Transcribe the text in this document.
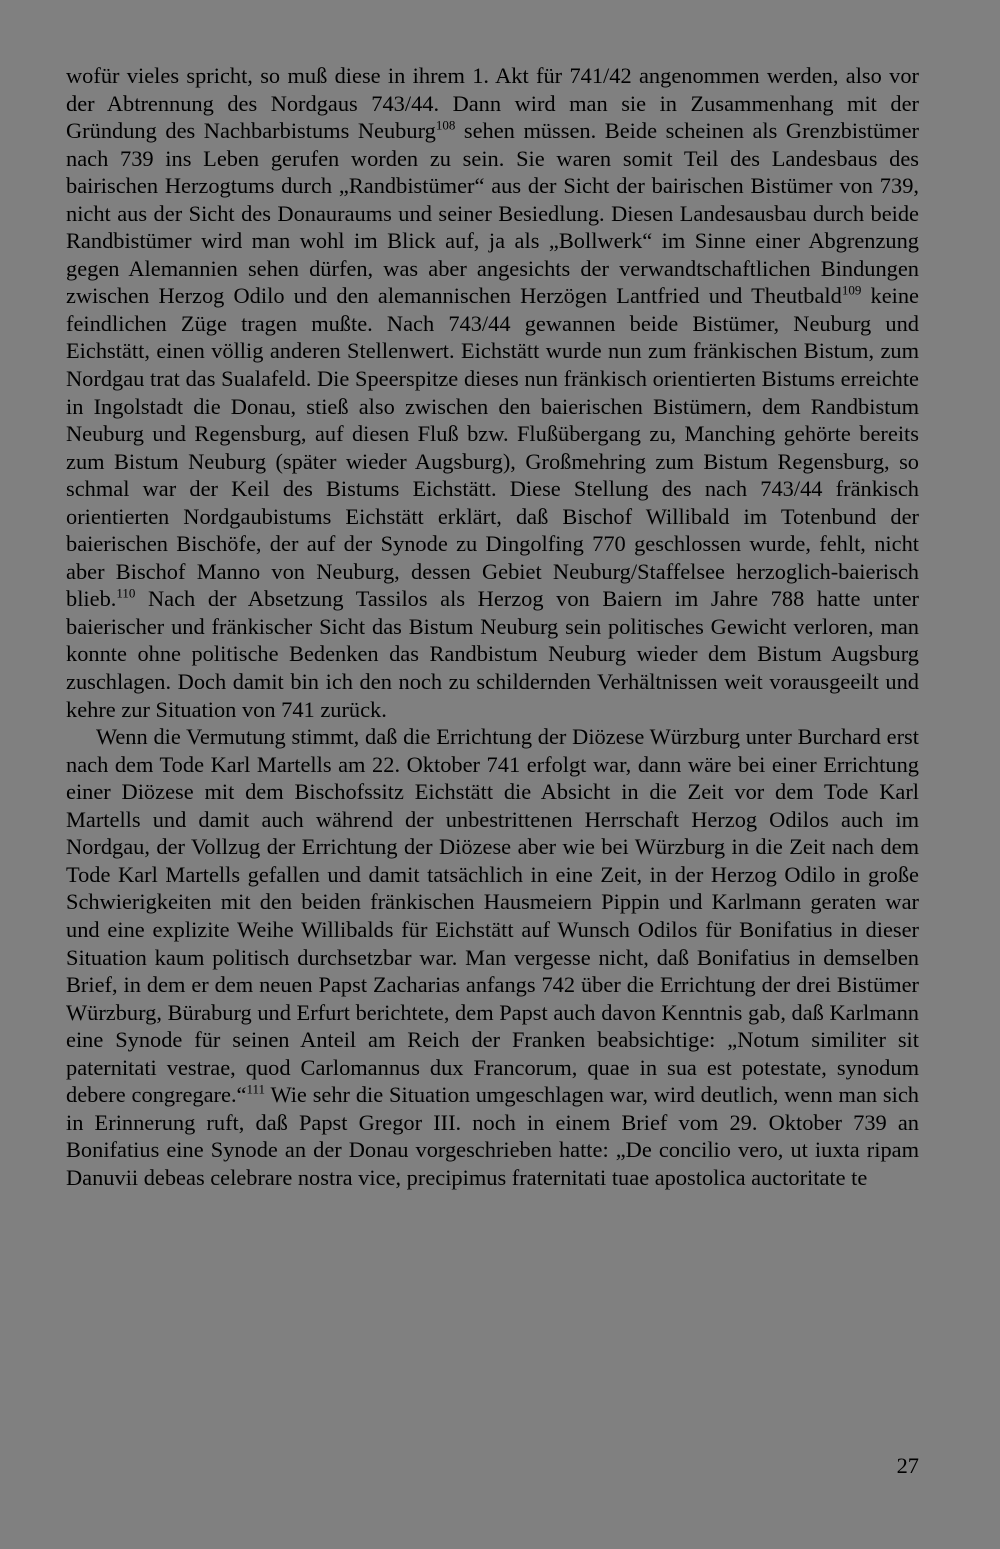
wofür vieles spricht, so muß diese in ihrem 1. Akt für 741/42 angenommen werden, also vor der Abtrennung des Nordgaus 743/44. Dann wird man sie in Zusammenhang mit der Gründung des Nachbarbistums Neuburg$^{108}$ sehen müssen. Beide scheinen als Grenzbistümer nach 739 ins Leben gerufen worden zu sein. Sie waren somit Teil des Landesbaus des bairischen Herzogtums durch „Randbistümer“ aus der Sicht der bairischen Bistümer von 739, nicht aus der Sicht des Donauraums und seiner Besiedlung. Diesen Landesausbau durch beide Randbistümer wird man wohl im Blick auf, ja als „Bollwerk“ im Sinne einer Abgrenzung gegen Alemannien sehen dürfen, was aber angesichts der verwandtschaftlichen Bindungen zwischen Herzog Odilo und den alemannischen Herzögen Lantfried und Theutbald$^{109}$ keine feindlichen Züge tragen mußte. Nach 743/44 gewannen beide Bistümer, Neuburg und Eichstätt, einen völlig anderen Stellenwert. Eichstätt wurde nun zum fränkischen Bistum, zum Nordgau trat das Sualafeld. Die Speerspitze dieses nun fränkisch orientierten Bistums erreichte in Ingolstadt die Donau, stieß also zwischen den baierischen Bistümern, dem Randbistum Neuburg und Regensburg, auf diesen Fluß bzw. Flußübergang zu, Manching gehörte bereits zum Bistum Neuburg (später wieder Augsburg), Großmehring zum Bistum Regensburg, so schmal war der Keil des Bistums Eichstätt. Diese Stellung des nach 743/44 fränkisch orientierten Nordgaubistums Eichstätt erklärt, daß Bischof Willibald im Totenbund der baierischen Bischöfe, der auf der Synode zu Dingolfing 770 geschlossen wurde, fehlt, nicht aber Bischof Manno von Neuburg, dessen Gebiet Neuburg/Staffelsee herzoglich-baierisch blieb.$^{110}$ Nach der Absetzung Tassilos als Herzog von Baiern im Jahre 788 hatte unter baierischer und fränkischer Sicht das Bistum Neuburg sein politisches Gewicht verloren, man konnte ohne politische Bedenken das Randbistum Neuburg wieder dem Bistum Augsburg zuschlagen. Doch damit bin ich den noch zu schildernden Verhältnissen weit vorausgeeilt und kehre zur Situation von 741 zurück.

Wenn die Vermutung stimmt, daß die Errichtung der Diözese Würzburg unter Burchard erst nach dem Tode Karl Martells am 22. Oktober 741 erfolgt war, dann wäre bei einer Errichtung einer Diözese mit dem Bischofssitz Eichstätt die Absicht in die Zeit vor dem Tode Karl Martells und damit auch während der unbestrittenen Herrschaft Herzog Odilos auch im Nordgau, der Vollzug der Errichtung der Diözese aber wie bei Würzburg in die Zeit nach dem Tode Karl Martells gefallen und damit tatsächlich in eine Zeit, in der Herzog Odilo in große Schwierigkeiten mit den beiden fränkischen Hausmeiern Pippin und Karlmann geraten war und eine explizite Weihe Willibalds für Eichstätt auf Wunsch Odilos für Bonifatius in dieser Situation kaum politisch durchsetzbar war. Man vergesse nicht, daß Bonifatius in demselben Brief, in dem er dem neuen Papst Zacharias anfangs 742 über die Errichtung der drei Bistümer Würzburg, Büraburg und Erfurt berichtete, dem Papst auch davon Kenntnis gab, daß Karlmann eine Synode für seinen Anteil am Reich der Franken beabsichtige: „Notum similiter sit paternitati vestrae, quod Carlomannus dux Francorum, quae in sua est potestate, synodum debere congregare.“$^{111}$ Wie sehr die Situation umgeschlagen war, wird deutlich, wenn man sich in Erinnerung ruft, daß Papst Gregor III. noch in einem Brief vom 29. Oktober 739 an Bonifatius eine Synode an der Donau vorgeschrieben hatte: „De concilio vero, ut iuxta ripam Danuvii debeas celebrare nostra vice, precipimus fraternitati tuae apostolica auctoritate te

27
